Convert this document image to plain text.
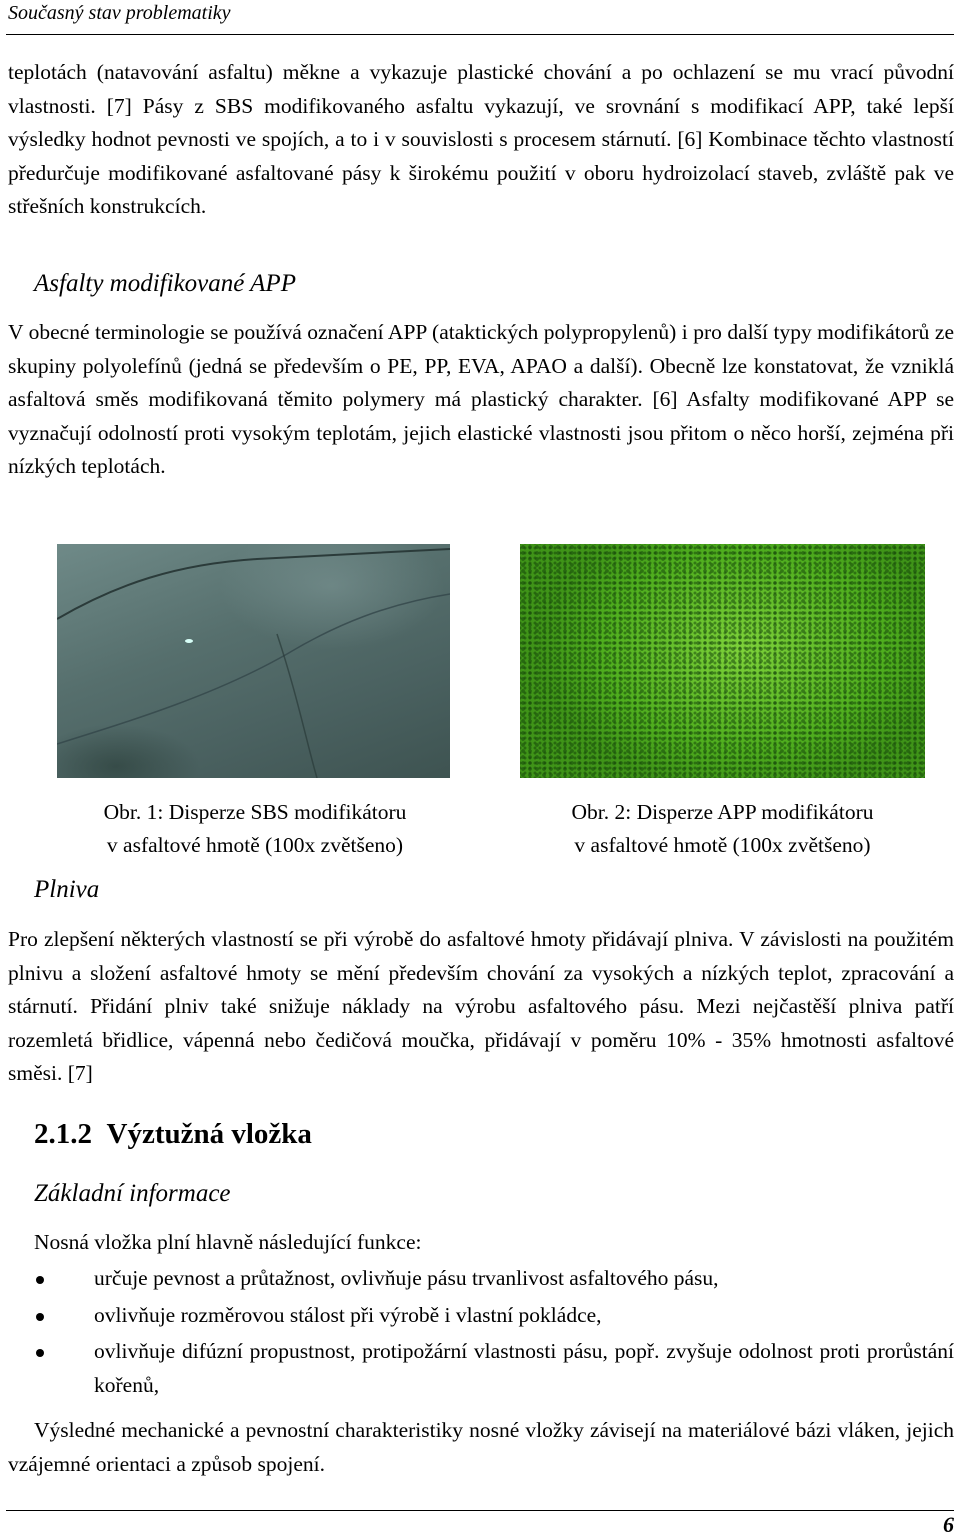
Současný stav problematiky

teplotách (natavování asfaltu) měkne a vykazuje plastické chování a po ochlazení se mu vrací původní vlastnosti. [7] Pásy z SBS modifikovaného asfaltu vykazují, ve srovnání s modifikací APP, také lepší výsledky hodnot pevnosti ve spojích, a to i v souvislosti s procesem stárnutí. [6] Kombinace těchto vlastností předurčuje modifikované asfaltované pásy k širokému použití v oboru hydroizolací staveb, zvláště pak ve střešních konstrukcích.

Asfalty modifikované APP

V obecné terminologie se používá označení APP (ataktických polypropylenů) i pro další typy modifikátorů ze skupiny polyolefínů (jedná se především o PE, PP, EVA, APAO a další). Obecně lze konstatovat, že vzniklá asfaltová směs modifikovaná těmito polymery má plastický charakter. [6] Asfalty modifikované APP se vyznačují odolností proti vysokým teplotám, jejich elastické vlastnosti jsou přitom o něco horší, zejména při nízkých teplotách.

Obr. 1: Disperze SBS modifikátoru
v asfaltové hmotě (100x zvětšeno)

Obr. 2: Disperze APP modifikátoru
v asfaltové hmotě (100x zvětšeno)

Plniva

Pro zlepšení některých vlastností se při výrobě do asfaltové hmoty přidávají plniva. V závislosti na použitém plnivu a složení asfaltové hmoty se mění především chování za vysokých a nízkých teplot, zpracování a stárnutí. Přidání plniv také snižuje náklady na výrobu asfaltového pásu. Mezi nejčastěší plniva patří rozemletá břidlice, vápenná nebo čedičová moučka, přidávají v poměru 10% - 35% hmotnosti asfaltové směsi. [7]

2.1.2 Výztužná vložka
Základní informace

Nosná vložka plní hlavně následující funkce:

určuje pevnost a průtažnost, ovlivňuje pásu trvanlivost asfaltového pásu,
ovlivňuje rozměrovou stálost při výrobě i vlastní pokládce,
ovlivňuje difúzní propustnost, protipožární vlastnosti pásu, popř. zvyšuje odolnost proti prorůstání kořenů,

Výsledné mechanické a pevnostní charakteristiky nosné vložky závisejí na materiálové bázi vláken, jejich vzájemné orientaci a způsob spojení.

6
